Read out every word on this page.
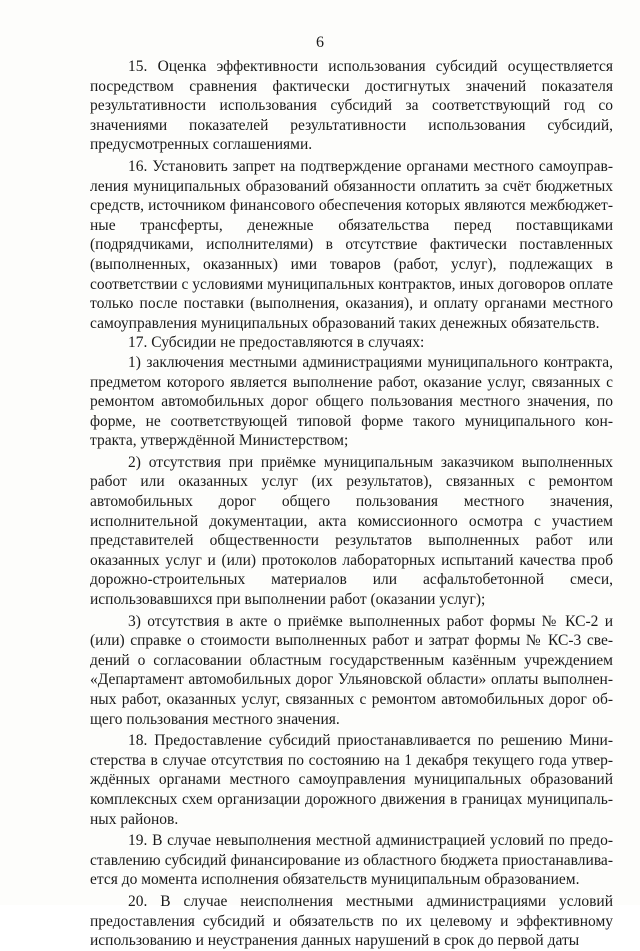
6

15. Оценка эффективности использования субсидий осуществляется посредством сравнения фактически достигнутых значений показателя результативности использования субсидий за соответствующий год со значениями показателей результативности использования субсидий, предусмотренных соглашениями.

16. Установить запрет на подтверждение органами местного самоуправления муниципальных образований обязанности оплатить за счёт бюджетных средств, источником финансового обеспечения которых являются межбюджетные трансферты, денежные обязательства перед поставщиками (подрядчиками, исполнителями) в отсутствие фактически поставленных (выполненных, оказанных) ими товаров (работ, услуг), подлежащих в соответствии с условиями муниципальных контрактов, иных договоров оплате только после поставки (выполнения, оказания), и оплату органами местного самоуправления муниципальных образований таких денежных обязательств.

17. Субсидии не предоставляются в случаях:

1) заключения местными администрациями муниципального контракта, предметом которого является выполнение работ, оказание услуг, связанных с ремонтом автомобильных дорог общего пользования местного значения, по форме, не соответствующей типовой форме такого муниципального контракта, утверждённой Министерством;

2) отсутствия при приёмке муниципальным заказчиком выполненных работ или оказанных услуг (их результатов), связанных с ремонтом автомобильных дорог общего пользования местного значения, исполнительной документации, акта комиссионного осмотра с участием представителей общественности результатов выполненных работ или оказанных услуг и (или) протоколов лабораторных испытаний качества проб дорожно-строительных материалов или асфальтобетонной смеси, использовавшихся при выполнении работ (оказании услуг);

3) отсутствия в акте о приёмке выполненных работ формы № КС-2 и (или) справке о стоимости выполненных работ и затрат формы № КС-3 сведений о согласовании областным государственным казённым учреждением «Департамент автомобильных дорог Ульяновской области» оплаты выполненных работ, оказанных услуг, связанных с ремонтом автомобильных дорог общего пользования местного значения.

18. Предоставление субсидий приостанавливается по решению Министерства в случае отсутствия по состоянию на 1 декабря текущего года утверждённых органами местного самоуправления муниципальных образований комплексных схем организации дорожного движения в границах муниципальных районов.

19. В случае невыполнения местной администрацией условий по предоставлению субсидий финансирование из областного бюджета приостанавливается до момента исполнения обязательств муниципальным образованием.

20. В случае неисполнения местными администрациями условий предоставления субсидий и обязательств по их целевому и эффективному использованию и неустранения данных нарушений в срок до первой даты
